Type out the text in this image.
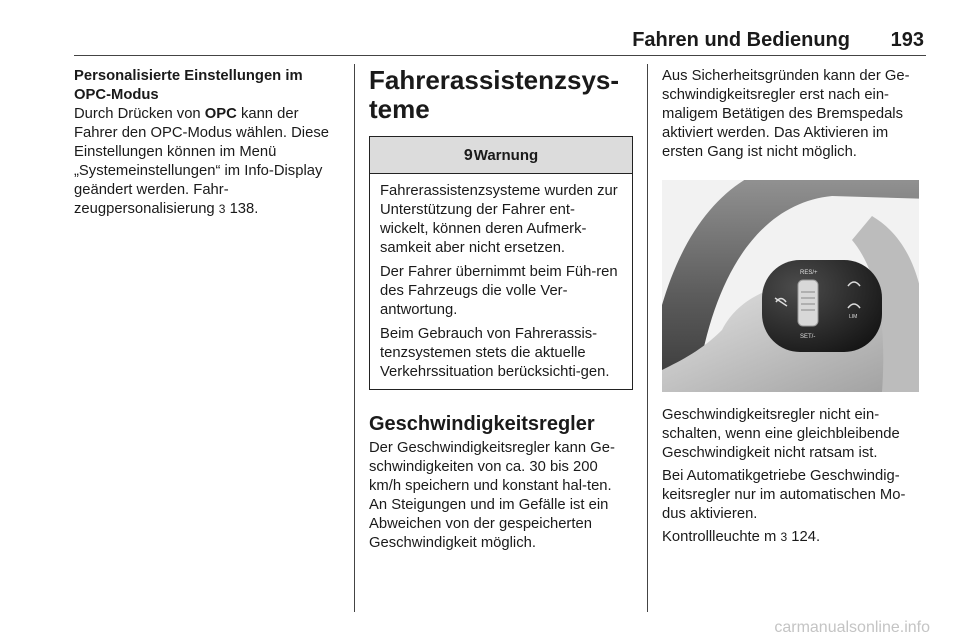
Fahren und Bedienung	193
Personalisierte Einstellungen im
OPC-Modus

Durch Drücken von OPC kann der Fahrer den OPC-Modus wählen. Diese Einstellungen können im Menü „Systemeinstellungen“ im Info-Display geändert werden. Fahr-zeugpersonalisierung 3 138.

Fahrerassistenzsys-
teme
9 Warnung

Fahrerassistenzsysteme wurden zur Unterstützung der Fahrer ent-wickelt, können deren Aufmerk-samkeit aber nicht ersetzen.

Der Fahrer übernimmt beim Füh-ren des Fahrzeugs die volle Ver-antwortung.

Beim Gebrauch von Fahrerassis-tenzsystemen stets die aktuelle Verkehrssituation berücksichti-gen.

Geschwindigkeitsregler

Der Geschwindigkeitsregler kann Ge-schwindigkeiten von ca. 30 bis 200 km/h speichern und konstant hal-ten. An Steigungen und im Gefälle ist ein Abweichen von der gespeicherten Geschwindigkeit möglich.

Aus Sicherheitsgründen kann der Ge-schwindigkeitsregler erst nach ein-maligem Betätigen des Bremspedals aktiviert werden. Das Aktivieren im ersten Gang ist nicht möglich.

RES/+
SET/-
LIM

Geschwindigkeitsregler nicht ein-schalten, wenn eine gleichbleibende Geschwindigkeit nicht ratsam ist.

Bei Automatikgetriebe Geschwindig-keitsregler nur im automatischen Mo-dus aktivieren.

Kontrollleuchte m 3 124.

carmanualsonline.info
